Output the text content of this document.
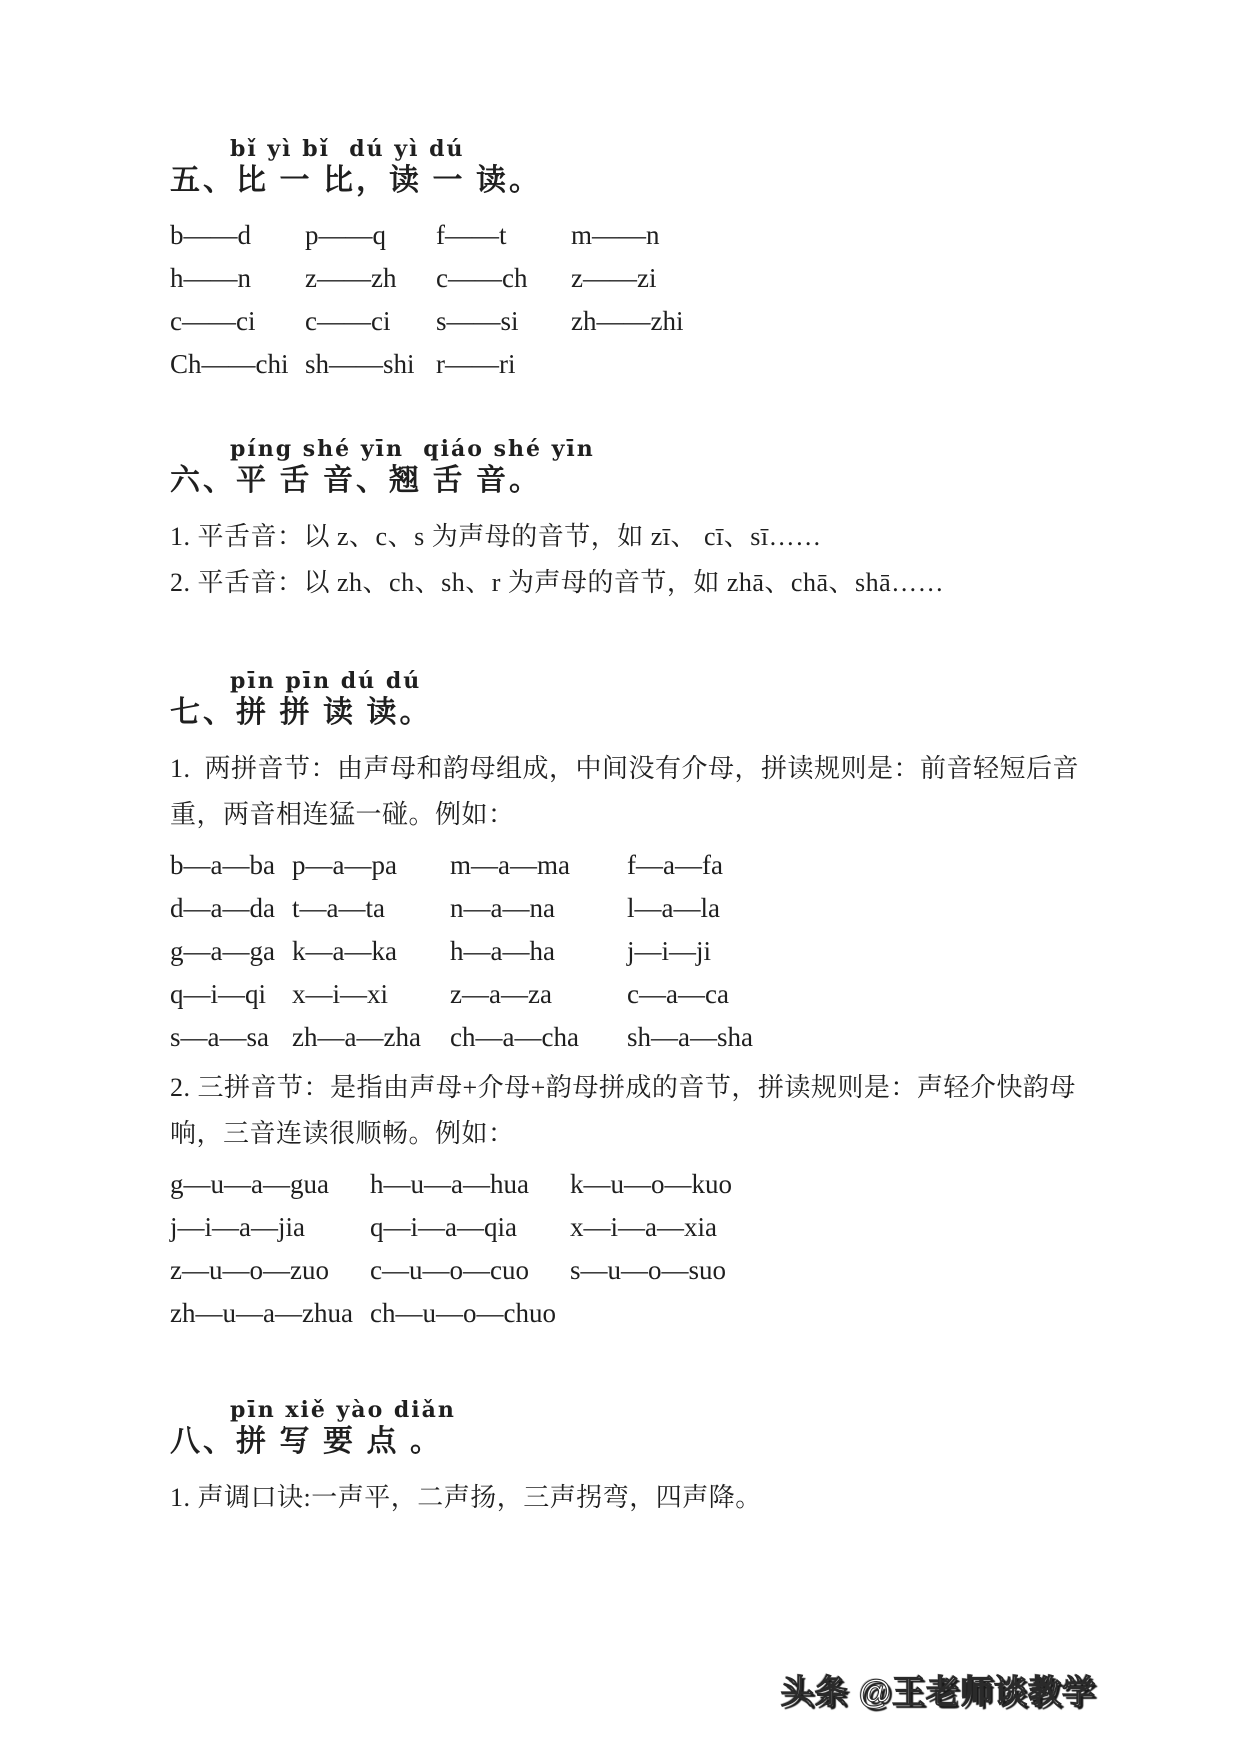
bǐ yì bǐ  dú yì dú
五、比 一 比，读 一 读。
b——d	p——q	f——t	m——n
h——n	z——zh	c——ch	z——zi
c——ci	c——ci	s——si	zh——zhi
Ch——chi sh——shi r——ri
píng shé yīn  qiáo shé yīn
六、平 舌 音、翘 舌 音。
1. 平舌音：以 z、c、s 为声母的音节，如 zī、 cī、sī……
2. 平舌音：以 zh、ch、sh、r 为声母的音节，如 zhā、chā、shā……
pīn pīn dú dú
七、拼 拼 读 读。
1.  两拼音节：由声母和韵母组成，中间没有介母，拼读规则是：前音轻短后音
重，两音相连猛一碰。例如：
b—a—ba p—a—pa	m—a—ma	f—a—fa
d—a—da t—a—ta	n—a—na	l—a—la
g—a—ga k—a—ka	h—a—ha	j—i—ji
q—i—qi x—i—xi	z—a—za	c—a—ca
s—a—sa zh—a—zha	ch—a—cha	sh—a—sha
2. 三拼音节：是指由声母+介母+韵母拼成的音节，拼读规则是：声轻介快韵母
响，三音连读很顺畅。例如：
g—u—a—gua	h—u—a—hua	k—u—o—kuo
j—i—a—jia	q—i—a—qia	x—i—a—xia
z—u—o—zuo	c—u—o—cuo	s—u—o—suo
zh—u—a—zhua ch—u—o—chuo
pīn xiě yào diǎn
八、拼 写 要 点 。
1. 声调口诀:一声平，二声扬，三声拐弯，四声降。
头条 @王老师谈教学
